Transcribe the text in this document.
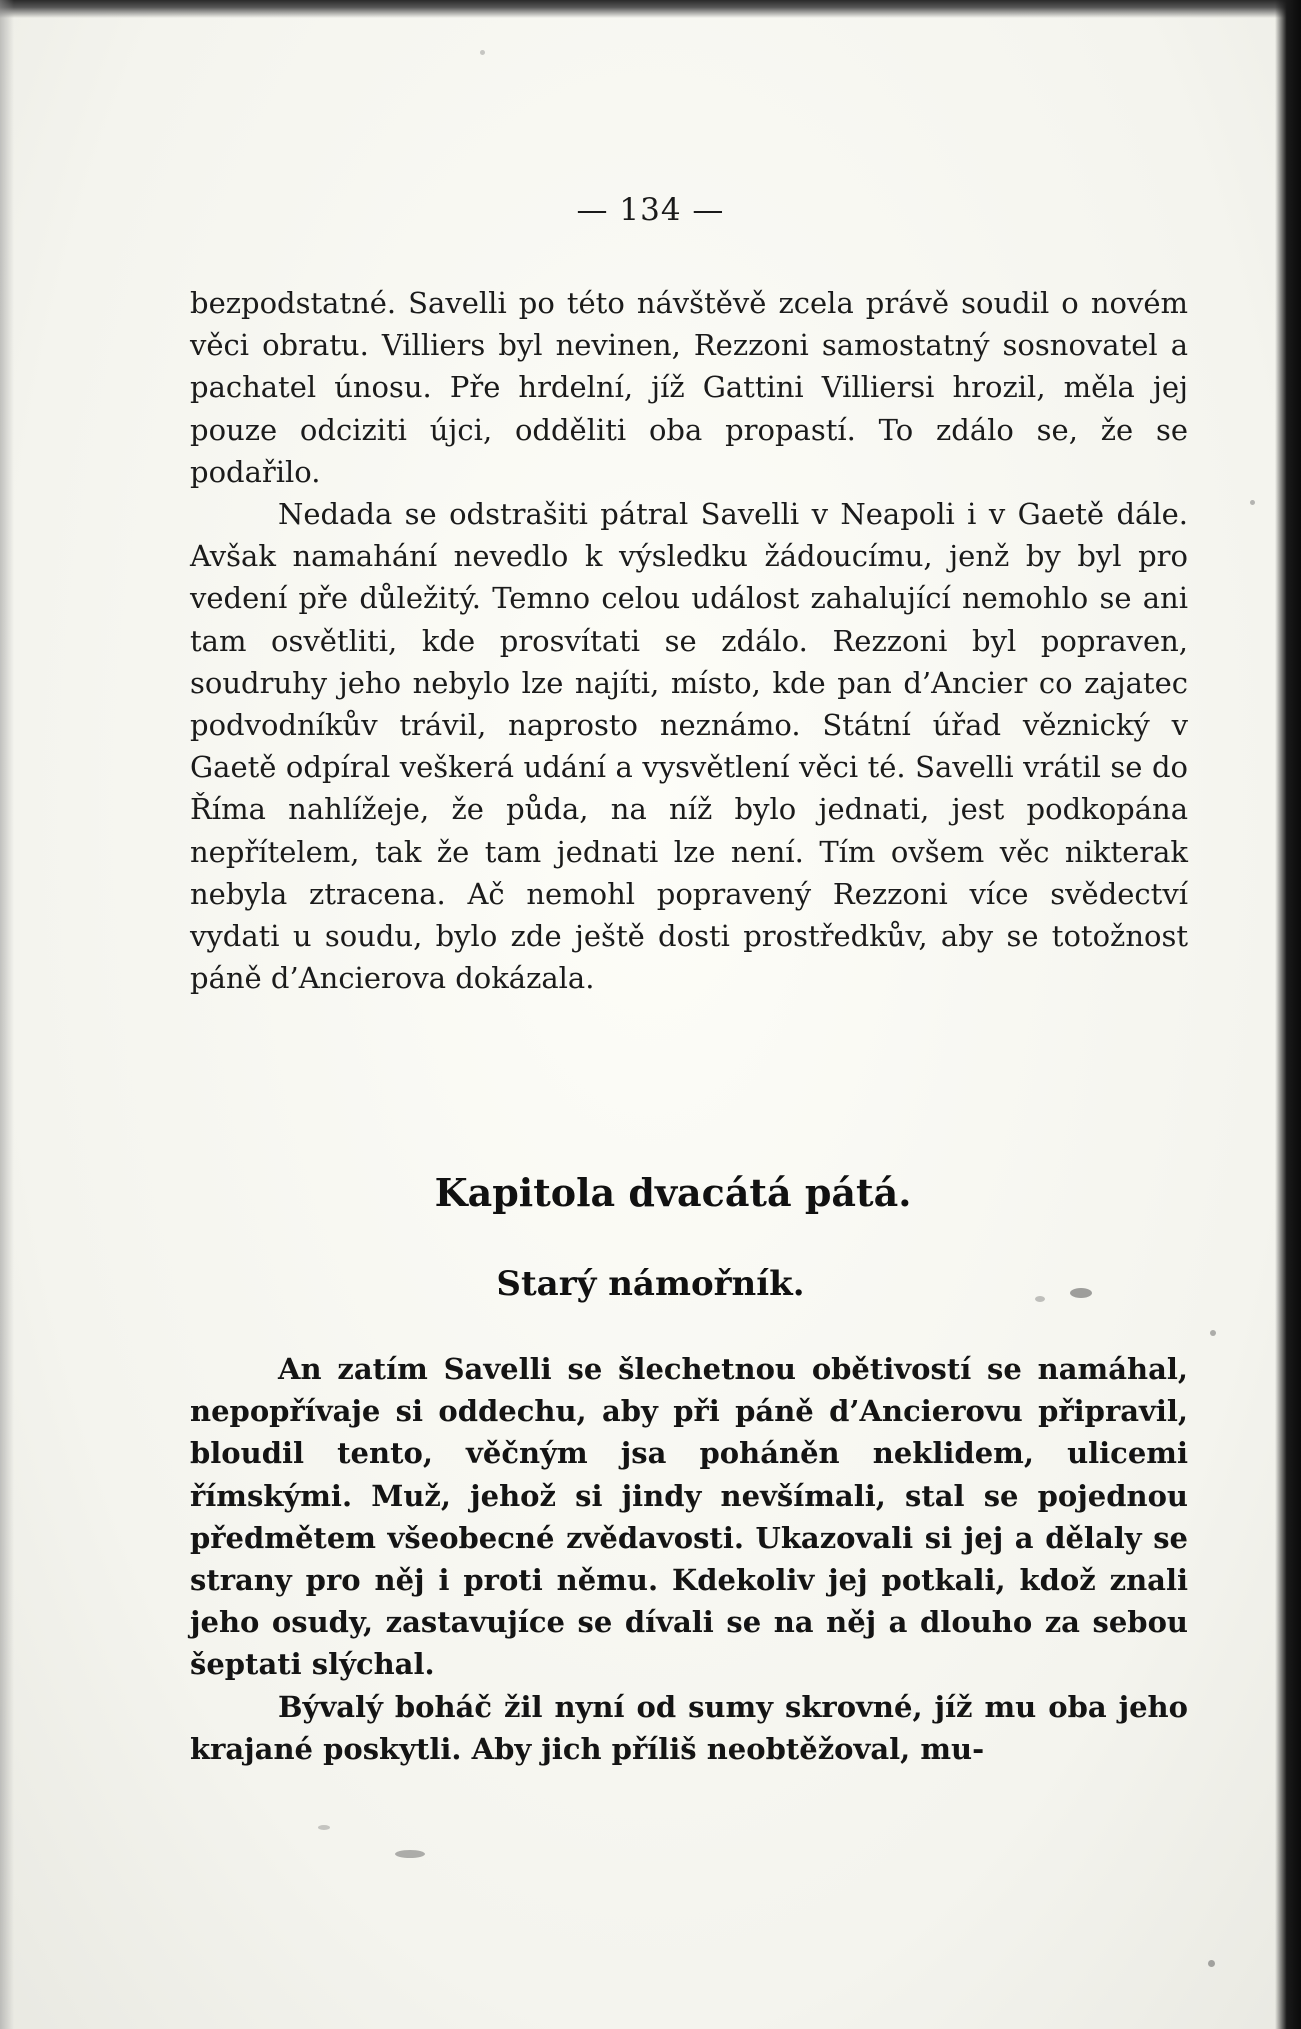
— 134 —

bezpodstatné. Savelli po této návštěvě zcela právě soudil o novém věci obratu. Villiers byl nevinen, Rezzoni samostatný sosnovatel a pachatel únosu. Pře hrdelní, jíž Gattini Villiersi hrozil, měla jej pouze odciziti újci, odděliti oba propastí. To zdálo se, že se podařilo.

Nedada se odstrašiti pátral Savelli v Neapoli i v Gaetě dále. Avšak namahání nevedlo k výsledku žádoucímu, jenž by byl pro vedení pře důležitý. Temno celou událost zahalující nemohlo se ani tam osvětliti, kde prosvítati se zdálo. Rezzoni byl popraven, soudruhy jeho nebylo lze najíti, místo, kde pan d’Ancier co zajatec podvodníkův trávil, naprosto neznámo. Státní úřad věznický v Gaetě odpíral veškerá udání a vysvětlení věci té. Savelli vrátil se do Říma nahlížeje, že půda, na níž bylo jednati, jest podkopána nepřítelem, tak že tam jednati lze není. Tím ovšem věc nikterak nebyla ztracena. Ač nemohl popravený Rezzoni více svědectví vydati u soudu, bylo zde ještě dosti prostředkův, aby se totožnost páně d’Ancierova dokázala.

Kapitola dvacátá pátá.
Starý námořník.

An zatím Savelli se šlechetnou obětivostí se namáhal, nepopřívaje si oddechu, aby při páně d’Ancierovu připravil, bloudil tento, věčným jsa poháněn neklidem, ulicemi římskými. Muž, jehož si jindy nevšímali, stal se pojednou předmětem všeobecné zvědavosti. Ukazovali si jej a dělaly se strany pro něj i proti němu. Kdekoliv jej potkali, kdož znali jeho osudy, zastavujíce se dívali se na něj a dlouho za sebou šeptati slýchal.

Bývalý boháč žil nyní od sumy skrovné, jíž mu oba jeho krajané poskytli. Aby jich příliš neobtěžoval, mu-
